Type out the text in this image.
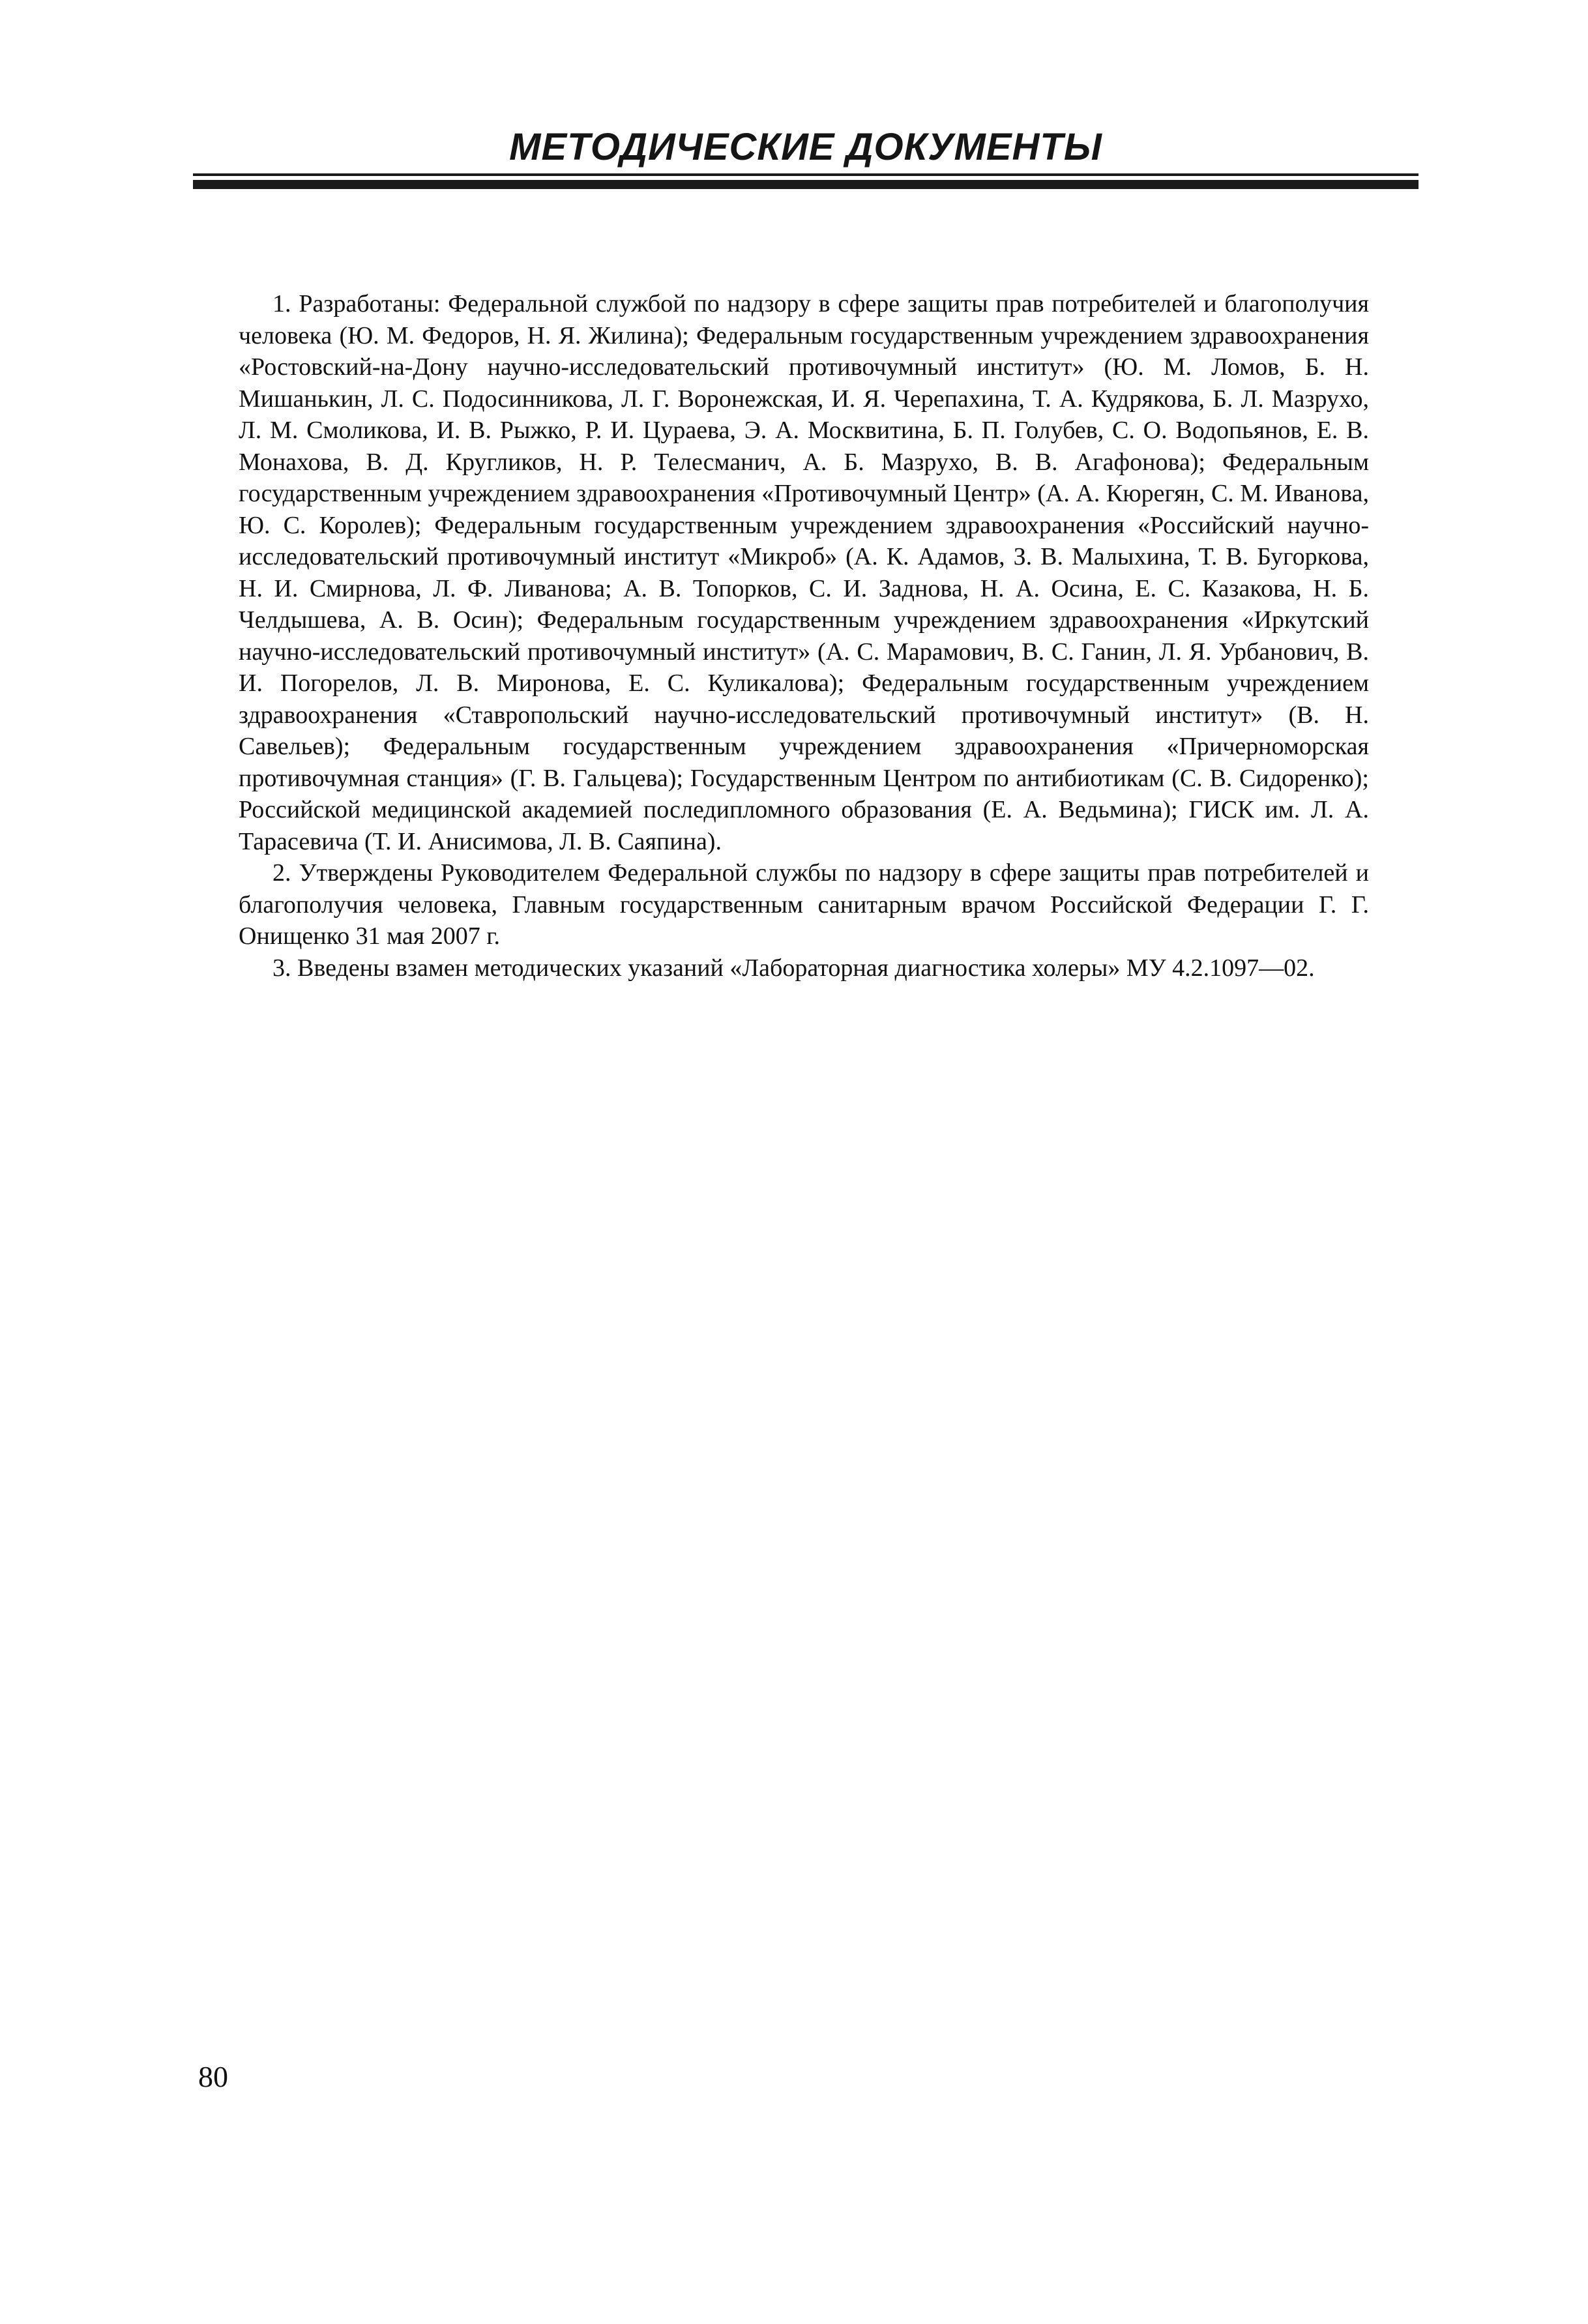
МЕТОДИЧЕСКИЕ ДОКУМЕНТЫ

1. Разработаны: Федеральной службой по надзору в сфере защиты прав потребителей и благополучия человека (Ю. М. Федоров, Н. Я. Жилина); Федеральным государственным учреждением здравоохранения «Ростовский-на-Дону научно-исследовательский противочумный институт» (Ю. М. Ломов, Б. Н. Мишанькин, Л. С. Подосинникова, Л. Г. Воронежская, И. Я. Черепахина, Т. А. Кудрякова, Б. Л. Мазрухо, Л. М. Смоликова, И. В. Рыжко, Р. И. Цураева, Э. А. Москвитина, Б. П. Голубев, С. О. Водопьянов, Е. В. Монахова, В. Д. Кругликов, Н. Р. Телесманич, А. Б. Мазрухо, В. В. Агафонова); Федеральным государственным учреждением здравоохранения «Противочумный Центр» (А. А. Кюрегян, С. М. Иванова, Ю. С. Королев); Федеральным государственным учреждением здравоохранения «Российский научно-исследовательский противочумный институт «Микроб» (А. К. Адамов, З. В. Малыхина, Т. В. Бугоркова, Н. И. Смирнова, Л. Ф. Ливанова; А. В. Топорков, С. И. Заднова, Н. А. Осина, Е. С. Казакова, Н. Б. Челдышева, А. В. Осин); Федеральным государственным учреждением здравоохранения «Иркутский научно-исследовательский противочумный институт» (А. С. Марамович, В. С. Ганин, Л. Я. Урбанович, В. И. Погорелов, Л. В. Миронова, Е. С. Куликалова); Федеральным государственным учреждением здравоохранения «Ставропольский научно-исследовательский противочумный институт» (В. Н. Савельев); Федеральным государственным учреждением здравоохранения «Причерноморская противочумная станция» (Г. В. Гальцева); Государственным Центром по антибиотикам (С. В. Сидоренко); Российской медицинской академией последипломного образования (Е. А. Ведьмина); ГИСК им. Л. А. Тарасевича (Т. И. Анисимова, Л. В. Саяпина).

2. Утверждены Руководителем Федеральной службы по надзору в сфере защиты прав потребителей и благополучия человека, Главным государственным санитарным врачом Российской Федерации Г. Г. Онищенко 31 мая 2007 г.

3. Введены взамен методических указаний «Лабораторная диагностика холеры» МУ 4.2.1097—02.

80
